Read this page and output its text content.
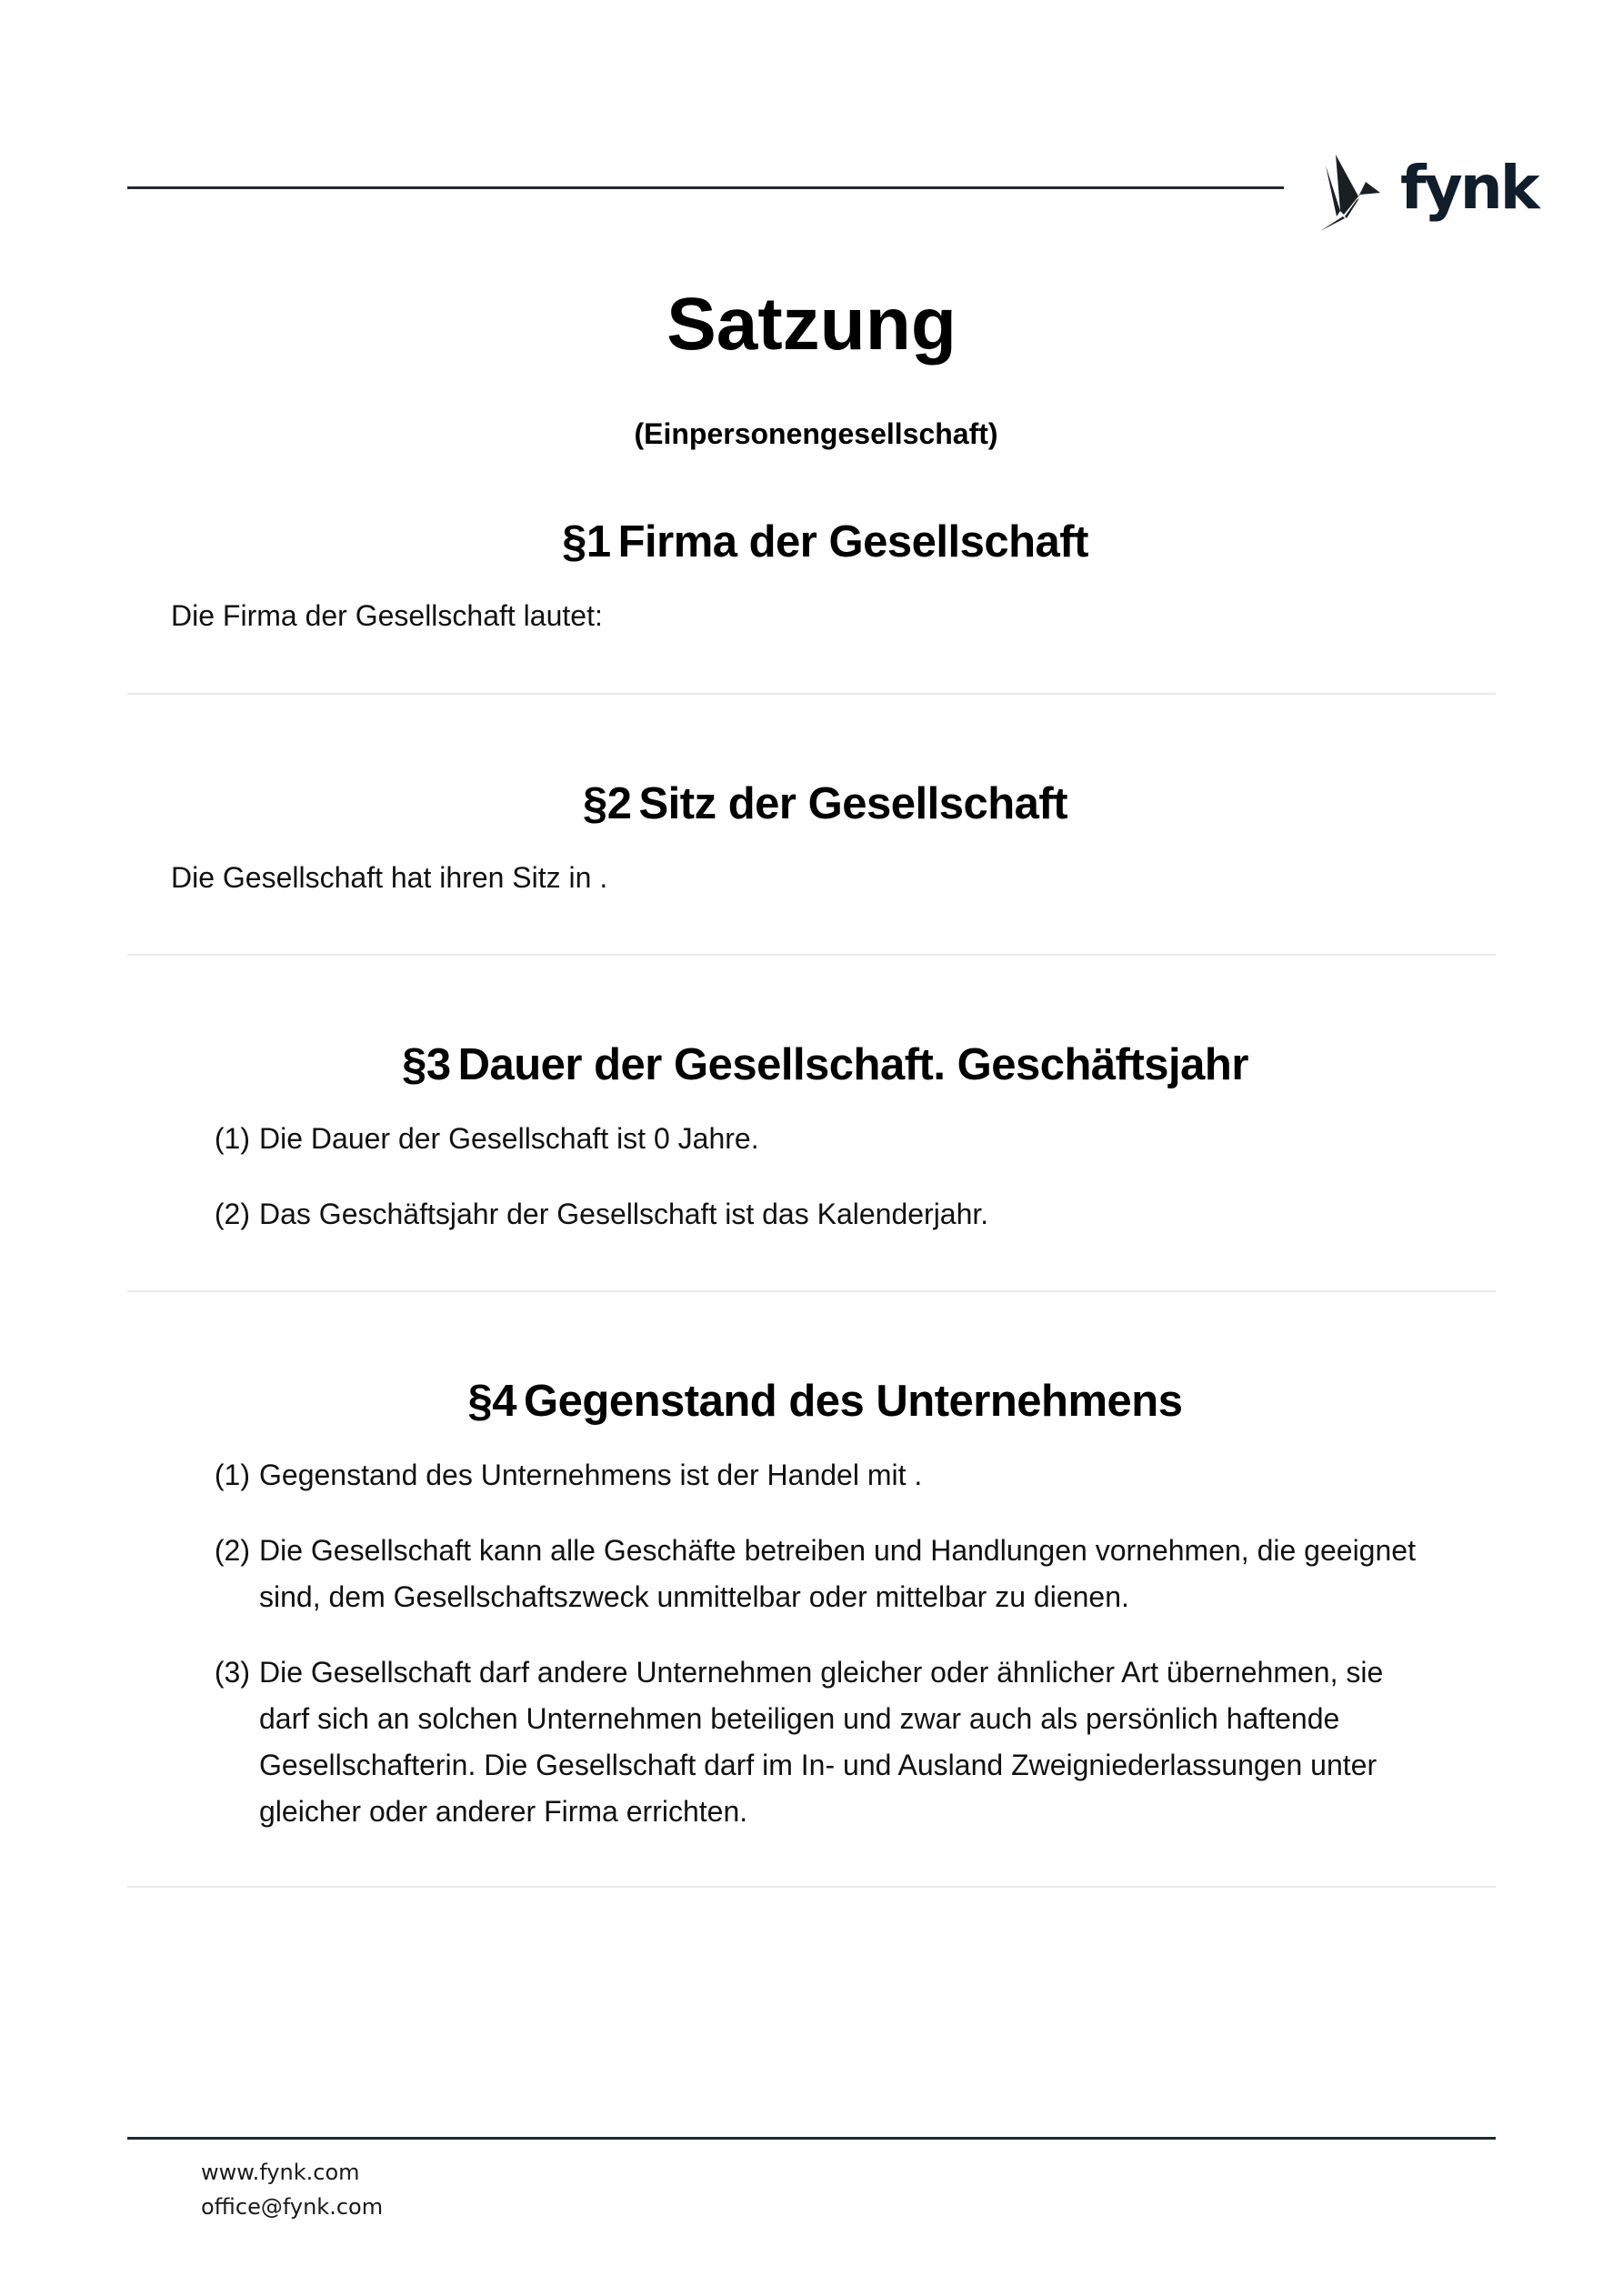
fynk
Satzung
(Einpersonengesellschaft)
§1 Firma der Gesellschaft

Die Firma der Gesellschaft lautet:

§2 Sitz der Gesellschaft

Die Gesellschaft hat ihren Sitz in .

§3 Dauer der Gesellschaft. Geschäftsjahr
(1) Die Dauer der Gesellschaft ist 0 Jahre.
(2) Das Geschäftsjahr der Gesellschaft ist das Kalenderjahr.
§4 Gegenstand des Unternehmens
(1) Gegenstand des Unternehmens ist der Handel mit .
(2) Die Gesellschaft kann alle Geschäfte betreiben und Handlungen vornehmen, die geeignet sind, dem Gesellschaftszweck unmittelbar oder mittelbar zu dienen.
(3) Die Gesellschaft darf andere Unternehmen gleicher oder ähnlicher Art übernehmen, sie darf sich an solchen Unternehmen beteiligen und zwar auch als persönlich haftende Gesellschafterin. Die Gesellschaft darf im In- und Ausland Zweigniederlassungen unter gleicher oder anderer Firma errichten.
www.fynk.com
office@fynk.com
